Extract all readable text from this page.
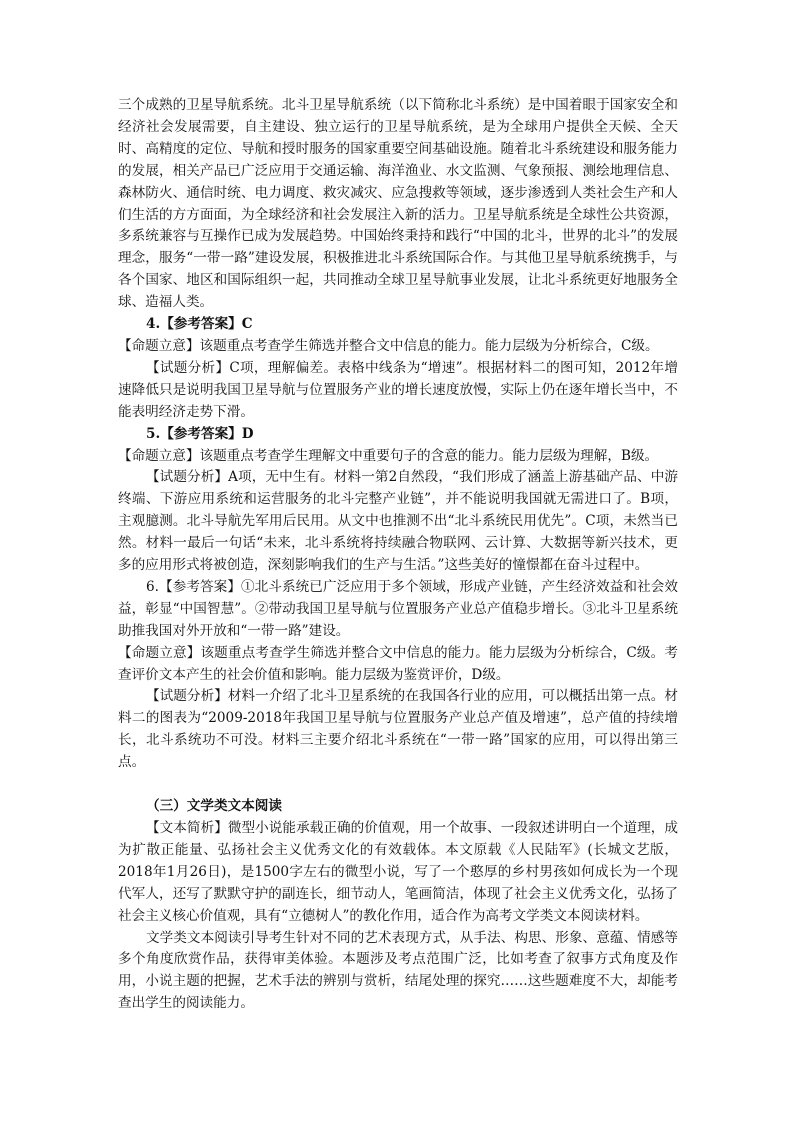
三个成熟的卫星导航系统。北斗卫星导航系统（以下简称北斗系统）是中国着眼于国家安全和经济社会发展需要，自主建设、独立运行的卫星导航系统，是为全球用户提供全天候、全天时、高精度的定位、导航和授时服务的国家重要空间基础设施。随着北斗系统建设和服务能力的发展，相关产品已广泛应用于交通运输、海洋渔业、水文监测、气象预报、测绘地理信息、森林防火、通信时统、电力调度、救灾减灾、应急搜救等领域，逐步渗透到人类社会生产和人们生活的方方面面，为全球经济和社会发展注入新的活力。卫星导航系统是全球性公共资源，多系统兼容与互操作已成为发展趋势。中国始终秉持和践行“中国的北斗，世界的北斗”的发展理念，服务“一带一路”建设发展，积极推进北斗系统国际合作。与其他卫星导航系统携手，与各个国家、地区和国际组织一起，共同推动全球卫星导航事业发展，让北斗系统更好地服务全球、造福人类。

4.【参考答案】C

【命题立意】该题重点考查学生筛选并整合文中信息的能力。能力层级为分析综合，C级。

【试题分析】C项，理解偏差。表格中线条为“增速”。根据材料二的图可知，2012年增速降低只是说明我国卫星导航与位置服务产业的增长速度放慢，实际上仍在逐年增长当中，不能表明经济走势下滑。

5.【参考答案】D

【命题立意】该题重点考查学生理解文中重要句子的含意的能力。能力层级为理解，B级。

【试题分析】A项，无中生有。材料一第2自然段，“我们形成了涵盖上游基础产品、中游终端、下游应用系统和运营服务的北斗完整产业链”，并不能说明我国就无需进口了。B项，主观臆测。北斗导航先军用后民用。从文中也推测不出“北斗系统民用优先”。C项，未然当已然。材料一最后一句话“未来，北斗系统将持续融合物联网、云计算、大数据等新兴技术，更多的应用形式将被创造，深刻影响我们的生产与生活。”这些美好的憧憬都在奋斗过程中。

6.【参考答案】①北斗系统已广泛应用于多个领域，形成产业链，产生经济效益和社会效益，彰显“中国智慧”。②带动我国卫星导航与位置服务产业总产值稳步增长。③北斗卫星系统助推我国对外开放和“一带一路”建设。

【命题立意】该题重点考查学生筛选并整合文中信息的能力。能力层级为分析综合，C级。考查评价文本产生的社会价值和影响。能力层级为鉴赏评价，D级。

【试题分析】材料一介绍了北斗卫星系统的在我国各行业的应用，可以概括出第一点。材料二的图表为“2009-2018年我国卫星导航与位置服务产业总产值及增速”，总产值的持续增长，北斗系统功不可没。材料三主要介绍北斗系统在“一带一路”国家的应用，可以得出第三点。

（三）文学类文本阅读

【文本简析】微型小说能承载正确的价值观，用一个故事、一段叙述讲明白一个道理，成为扩散正能量、弘扬社会主义优秀文化的有效载体。本文原载《人民陆军》(长城文艺版，2018年1月26日)，是1500字左右的微型小说，写了一个憨厚的乡村男孩如何成长为一个现代军人，还写了默默守护的副连长，细节动人，笔画简洁，体现了社会主义优秀文化，弘扬了社会主义核心价值观，具有“立德树人”的教化作用，适合作为高考文学类文本阅读材料。

文学类文本阅读引导考生针对不同的艺术表现方式，从手法、构思、形象、意蕴、情感等多个角度欣赏作品，获得审美体验。本题涉及考点范围广泛，比如考查了叙事方式角度及作用，小说主题的把握，艺术手法的辨别与赏析，结尾处理的探究……这些题难度不大，却能考查出学生的阅读能力。
